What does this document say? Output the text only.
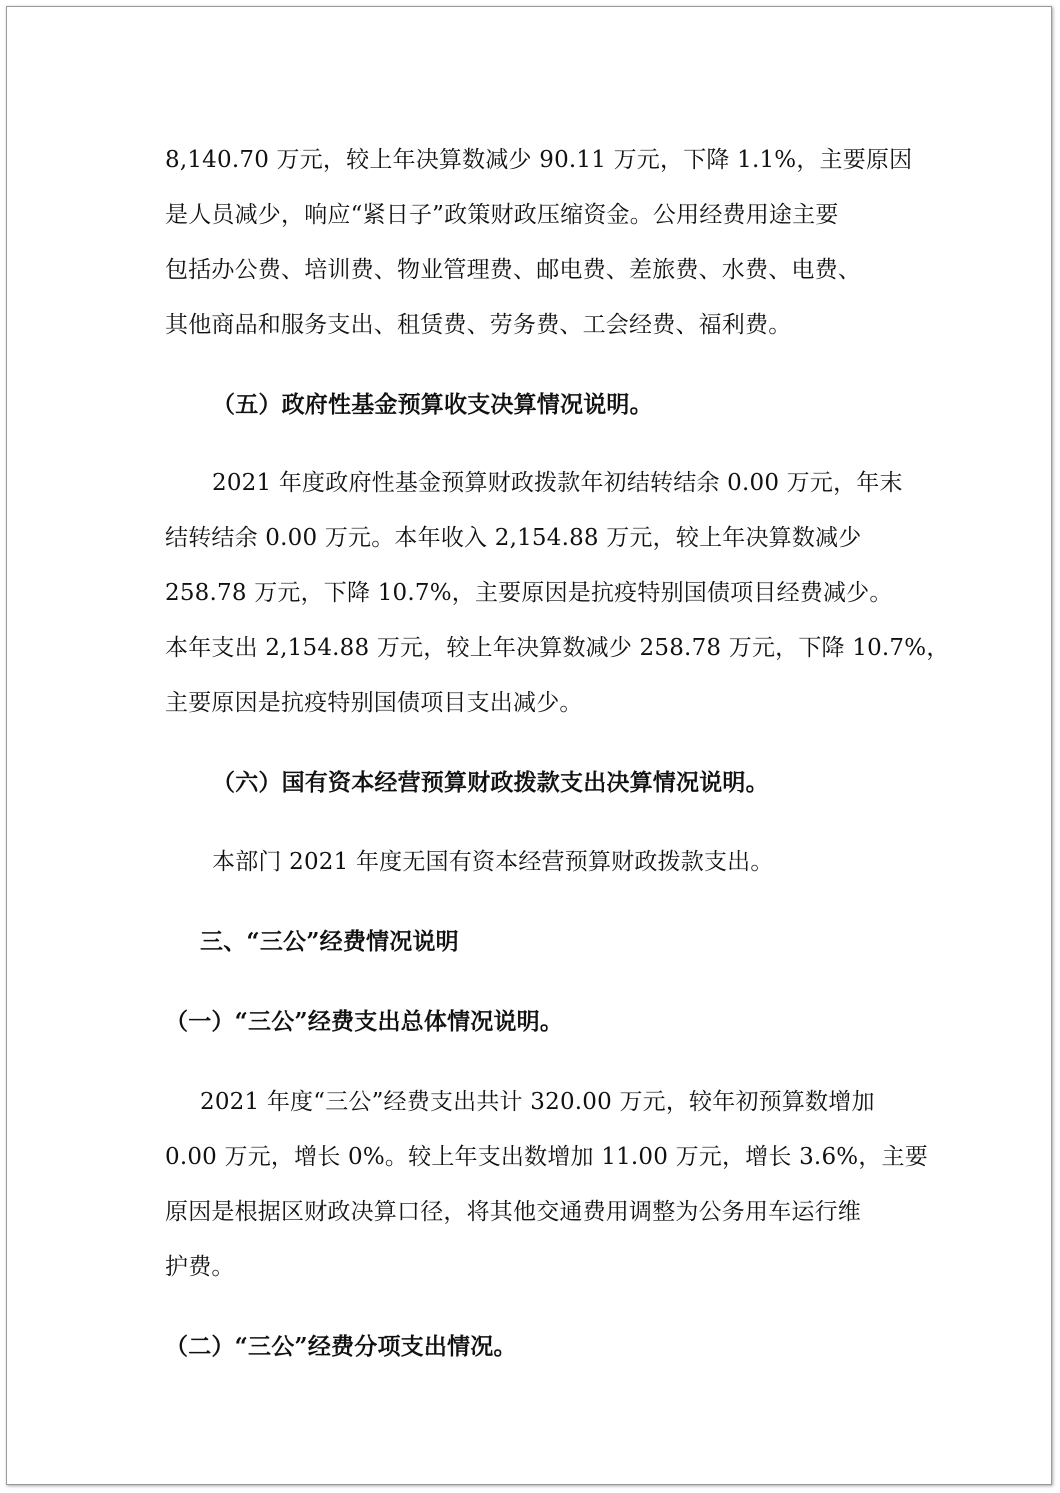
8,140.70 万元，较上年决算数减少 90.11 万元，下降 1.1%，主要原因
是人员减少，响应“紧日子”政策财政压缩资金。公用经费用途主要
包括办公费、培训费、物业管理费、邮电费、差旅费、水费、电费、
其他商品和服务支出、租赁费、劳务费、工会经费、福利费。
（五）政府性基金预算收支决算情况说明。
2021 年度政府性基金预算财政拨款年初结转结余 0.00 万元，年末
结转结余 0.00 万元。本年收入 2,154.88 万元，较上年决算数减少
258.78 万元，下降 10.7%，主要原因是抗疫特别国债项目经费减少。
本年支出 2,154.88 万元，较上年决算数减少 258.78 万元，下降 10.7%，
主要原因是抗疫特别国债项目支出减少。
（六）国有资本经营预算财政拨款支出决算情况说明。
本部门 2021 年度无国有资本经营预算财政拨款支出。
三、“三公”经费情况说明
（一）“三公”经费支出总体情况说明。
2021 年度“三公”经费支出共计 320.00 万元，较年初预算数增加
0.00 万元，增长 0%。较上年支出数增加 11.00 万元，增长 3.6%，主要
原因是根据区财政决算口径，将其他交通费用调整为公务用车运行维
护费。
（二）“三公”经费分项支出情况。
